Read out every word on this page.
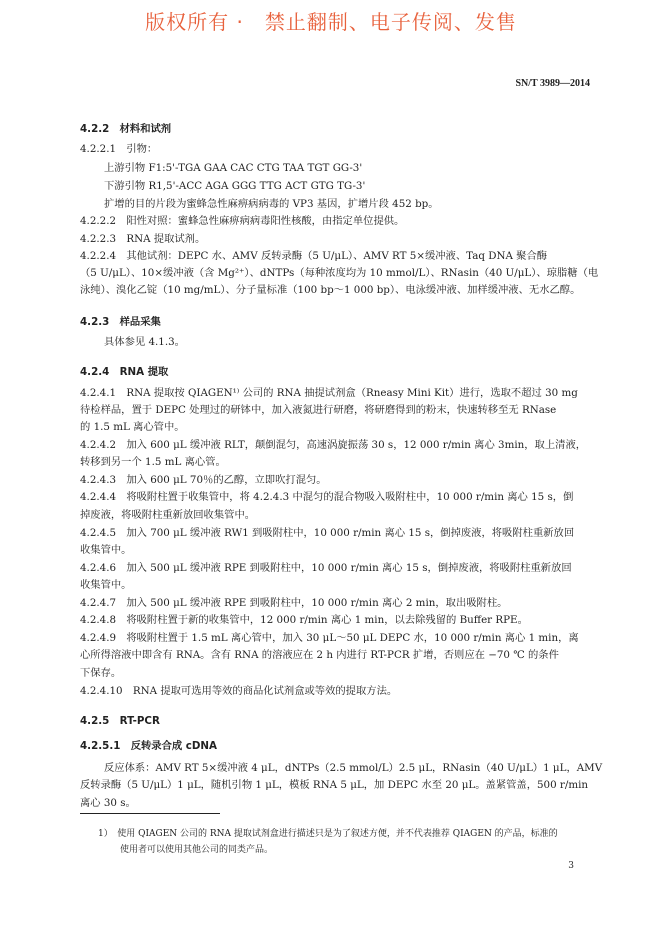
版权所有 ·　禁止翻制、电子传阅、发售
SN/T 3989—2014
4.2.2　材料和试剂
4.2.2.1　引物：
上游引物 F1:5'-TGA GAA CAC CTG TAA TGT GG-3'
下游引物 R1,5'-ACC AGA GGG TTG ACT GTG TG-3'
扩增的目的片段为蜜蜂急性麻痹病病毒的 VP3 基因，扩增片段 452 bp。
4.2.2.2　阳性对照：蜜蜂急性麻痹病病毒阳性核酸，由指定单位提供。
4.2.2.3　RNA 提取试剂。
4.2.2.4　其他试剂：DEPC 水、AMV 反转录酶（5 U/μL）、AMV RT 5×缓冲液、Taq DNA 聚合酶
（5 U/μL）、10×缓冲液（含 Mg²⁺）、dNTPs（每种浓度均为 10 mmol/L）、RNasin（40 U/μL）、琼脂糖（电
泳纯）、溴化乙锭（10 mg/mL）、分子量标准（100 bp～1 000 bp）、电泳缓冲液、加样缓冲液、无水乙醇。
4.2.3　样品采集
具体参见 4.1.3。
4.2.4　RNA 提取
4.2.4.1　RNA 提取按 QIAGEN¹⁾ 公司的 RNA 抽提试剂盒（Rneasy Mini Kit）进行，选取不超过 30 mg
待检样品，置于 DEPC 处理过的研钵中，加入液氮进行研磨，将研磨得到的粉末，快速转移至无 RNase
的 1.5 mL 离心管中。
4.2.4.2　加入 600 μL 缓冲液 RLT，颠倒混匀，高速涡旋振荡 30 s，12 000 r/min 离心 3min，取上清液，
转移到另一个 1.5 mL 离心管。
4.2.4.3　加入 600 μL 70％的乙醇，立即吹打混匀。
4.2.4.4　将吸附柱置于收集管中，将 4.2.4.3 中混匀的混合物吸入吸附柱中，10 000 r/min 离心 15 s，倒
掉废液，将吸附柱重新放回收集管中。
4.2.4.5　加入 700 μL 缓冲液 RW1 到吸附柱中，10 000 r/min 离心 15 s，倒掉废液，将吸附柱重新放回
收集管中。
4.2.4.6　加入 500 μL 缓冲液 RPE 到吸附柱中，10 000 r/min 离心 15 s，倒掉废液，将吸附柱重新放回
收集管中。
4.2.4.7　加入 500 μL 缓冲液 RPE 到吸附柱中，10 000 r/min 离心 2 min，取出吸附柱。
4.2.4.8　将吸附柱置于新的收集管中，12 000 r/min 离心 1 min，以去除残留的 Buffer RPE。
4.2.4.9　将吸附柱置于 1.5 mL 离心管中，加入 30 μL～50 μL DEPC 水，10 000 r/min 离心 1 min，离
心所得溶液中即含有 RNA。含有 RNA 的溶液应在 2 h 内进行 RT-PCR 扩增，否则应在 −70 ℃ 的条件
下保存。
4.2.4.10　RNA 提取可选用等效的商品化试剂盒或等效的提取方法。
4.2.5　RT-PCR
4.2.5.1　反转录合成 cDNA
反应体系：AMV RT 5×缓冲液 4 μL，dNTPs（2.5 mmol/L）2.5 μL，RNasin（40 U/μL）1 μL，AMV
反转录酶（5 U/μL）1 μL，随机引物 1 μL，模板 RNA 5 μL，加 DEPC 水至 20 μL。盖紧管盖，500 r/min
离心 30 s。
1）　使用 QIAGEN 公司的 RNA 提取试剂盒进行描述只是为了叙述方便，并不代表推荐 QIAGEN 的产品，标准的
使用者可以使用其他公司的同类产品。
3
